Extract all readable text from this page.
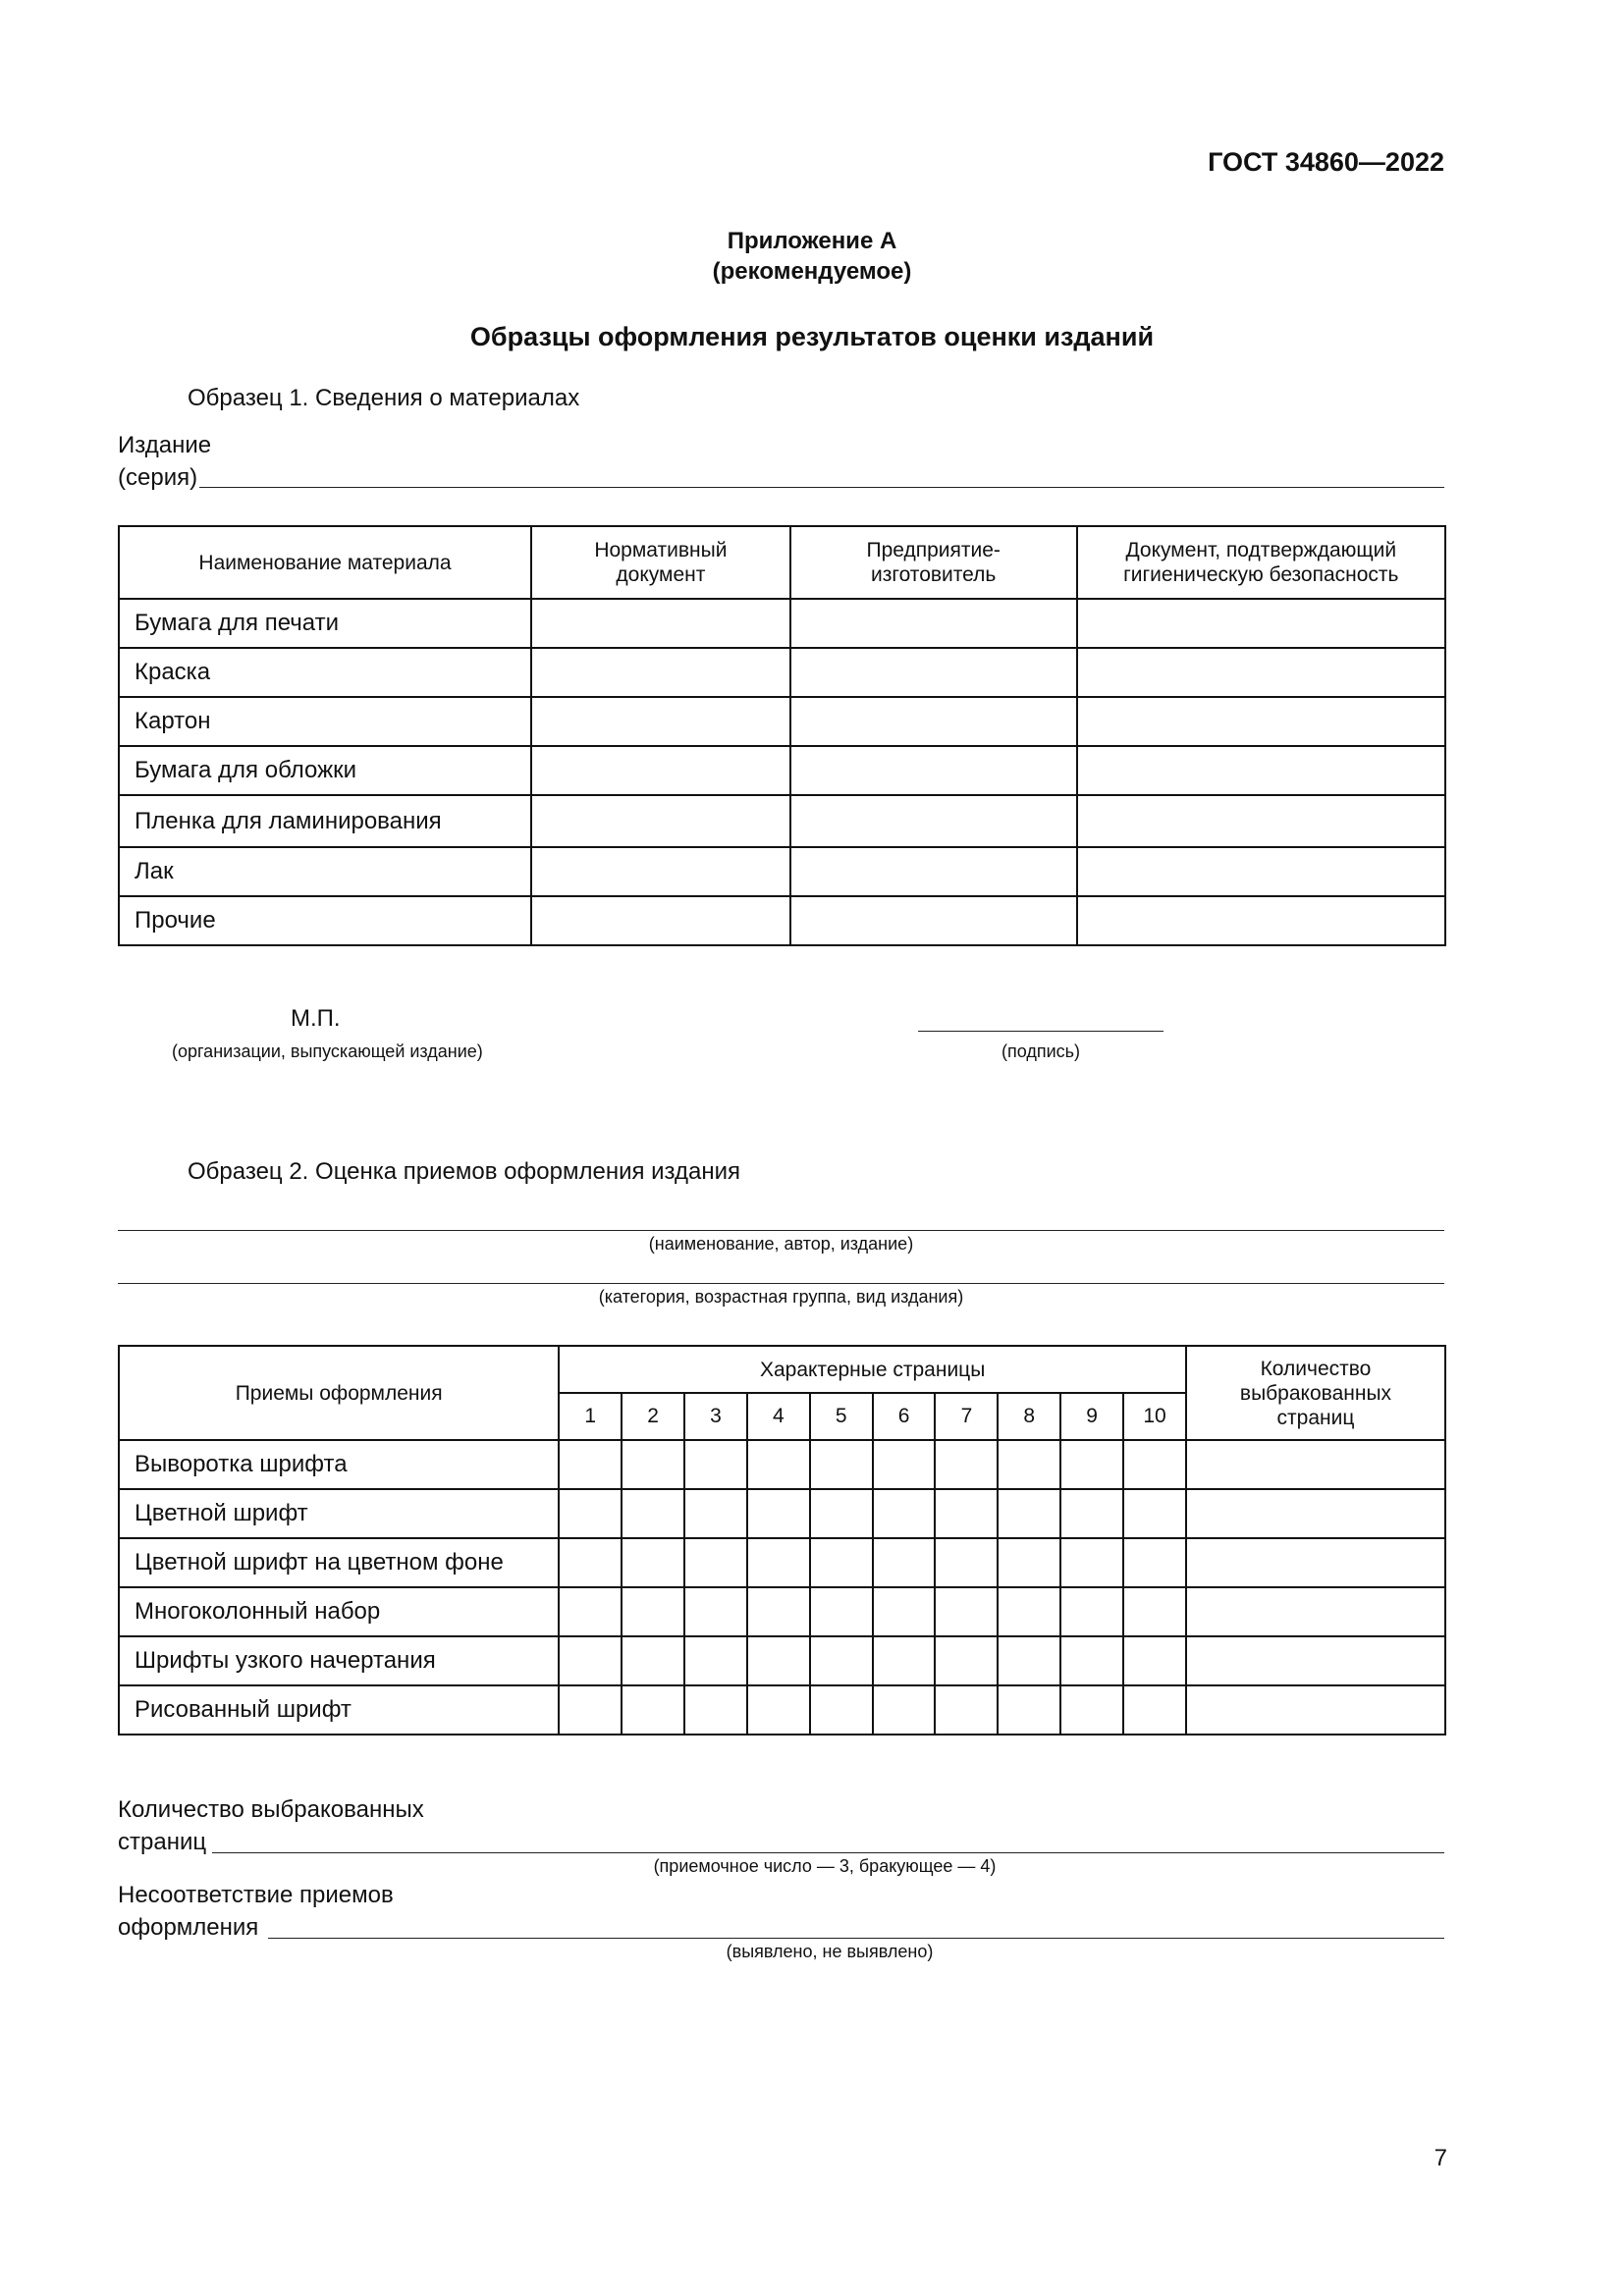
ГОСТ 34860—2022
Приложение А
(рекомендуемое)
Образцы оформления результатов оценки изданий
Образец 1. Сведения о материалах
Издание
(серия)
Наименование материала	Нормативный документ	Предприятие-изготовитель	Документ, подтверждающий гигиеническую безопасность
Бумага для печати			
Краска			
Картон			
Бумага для обложки			
Пленка для ламинирования			
Лак			
Прочие			
М.П.
(организации, выпускающей издание)	(подпись)
Образец 2. Оценка приемов оформления издания
(наименование, автор, издание)
(категория, возрастная группа, вид издания)
Приемы оформления	Характерные страницы										Количество выбракованных страниц
	1	2	3	4	5	6	7	8	9	10	
Выворотка шрифта											
Цветной шрифт											
Цветной шрифт на цветном фоне											
Многоколонный набор											
Шрифты узкого начертания											
Рисованный шрифт											
Количество выбракованных
страниц
(приемочное число — 3, бракующее — 4)
Несоответствие приемов
оформления
(выявлено, не выявлено)
7
